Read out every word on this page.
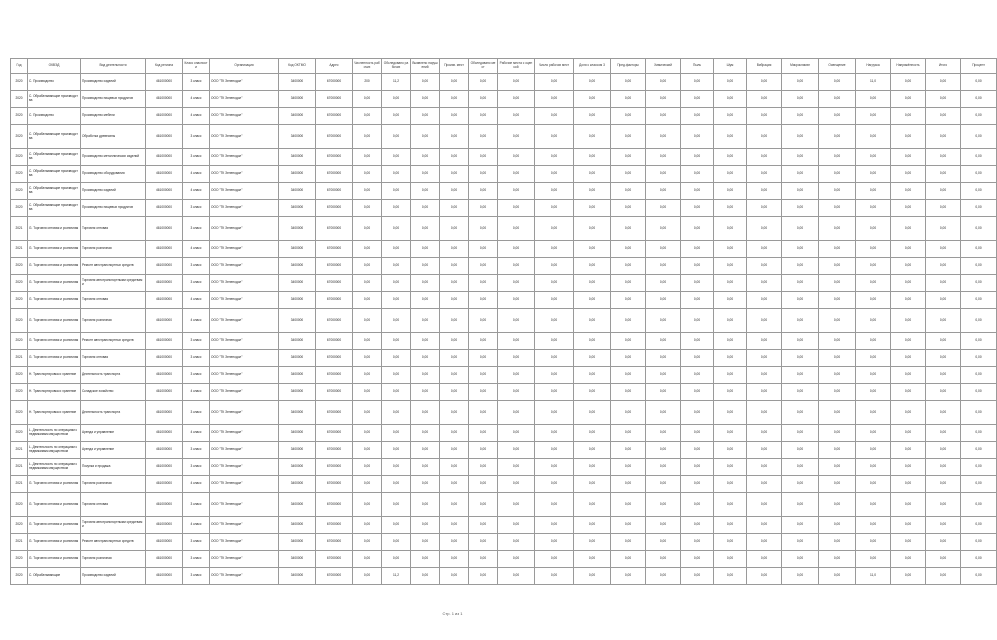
Год	ОКВЭД	Вид деятельности	Код региона	Класс опасности	Организация	Код ОКТМО	Адрес	Численность рабочих	Обследовано рабочих	Выявлено нарушений	Произв. мест	Обследовано мест	Рабочие места с оценкой	Число рабочих мест	Доля с классом 3	Пред.факторы	Химический	Пыль	Шум	Вибрация	Микроклимат	Освещение	Нагрузка	Напряжённость	Итого	Процент
2020	С. Производство	Производство изделий	461000000	3 класс	ООО "ТК Зеленодол"	3400000	67000000	200	11,2	0,00	0,00	0,00	0,00	0,00	0,00	0,00	0,00	0,00	0,00	0,00	0,00	0,00	11,0	0,00	0,00	0,00
2020	С. Обрабатывающие производства	Производство пищевых продуктов	461000000	4 класс	ООО "ТК Зеленодол"	3400000	67000000	0,00	0,00	0,00	0,00	0,00	0,00	0,00	0,00	0,00	0,00	0,00	0,00	0,00	0,00	0,00	0,00	0,00	0,00	0,00
2020	С. Производство	Производство мебели	461000000	4 класс	ООО "ТК Зеленодол"	3400000	67000000	0,00	0,00	0,00	0,00	0,00	0,00	0,00	0,00	0,00	0,00	0,00	0,00	0,00	0,00	0,00	0,00	0,00	0,00	0,00
2020	С. Обрабатывающие производства	Обработка древесины	461000000	3 класс	ООО "ТК Зеленодол"	3400000	67000000	0,00	0,00	0,00	0,00	0,00	0,00	0,00	0,00	0,00	0,00	0,00	0,00	0,00	0,00	0,00	0,00	0,00	0,00	0,00
2020	С. Обрабатывающие производства	Производство металлических изделий	461000000	3 класс	ООО "ТК Зеленодол"	3400000	67000000	0,00	0,00	0,00	0,00	0,00	0,00	0,00	0,00	0,00	0,00	0,00	0,00	0,00	0,00	0,00	0,00	0,00	0,00	0,00
2020	С. Обрабатывающие производства	Производство оборудования	461000000	4 класс	ООО "ТК Зеленодол"	3400000	67000000	0,00	0,00	0,00	0,00	0,00	0,00	0,00	0,00	0,00	0,00	0,00	0,00	0,00	0,00	0,00	0,00	0,00	0,00	0,00
2020	С. Обрабатывающие производства	Производство изделий	461000000	4 класс	ООО "ТК Зеленодол"	3400000	67000000	0,00	0,00	0,00	0,00	0,00	0,00	0,00	0,00	0,00	0,00	0,00	0,00	0,00	0,00	0,00	0,00	0,00	0,00	0,00
2020	С. Обрабатывающие производства	Производство пищевых продуктов	461000000	3 класс	ООО "ТК Зеленодол"	3400000	67000000	0,00	0,00	0,00	0,00	0,00	0,00	0,00	0,00	0,00	0,00	0,00	0,00	0,00	0,00	0,00	0,00	0,00	0,00	0,00
2021	G. Торговля оптовая и розничная	Торговля оптовая	461000000	3 класс	ООО "ТК Зеленодол"	3400000	67000000	0,00	0,00	0,00	0,00	0,00	0,00	0,00	0,00	0,00	0,00	0,00	0,00	0,00	0,00	0,00	0,00	0,00	0,00	0,00
2021	G. Торговля оптовая и розничная	Торговля розничная	461000000	4 класс	ООО "ТК Зеленодол"	3400000	67000000	0,00	0,00	0,00	0,00	0,00	0,00	0,00	0,00	0,00	0,00	0,00	0,00	0,00	0,00	0,00	0,00	0,00	0,00	0,00
2020	G. Торговля оптовая и розничная	Ремонт автотранспортных средств	461000000	3 класс	ООО "ТК Зеленодол"	3400000	67000000	0,00	0,00	0,00	0,00	0,00	0,00	0,00	0,00	0,00	0,00	0,00	0,00	0,00	0,00	0,00	0,00	0,00	0,00	0,00
2020	G. Торговля оптовая и розничная	Торговля автотранспортными средствами	461000000	3 класс	ООО "ТК Зеленодол"	3400000	67000000	0,00	0,00	0,00	0,00	0,00	0,00	0,00	0,00	0,00	0,00	0,00	0,00	0,00	0,00	0,00	0,00	0,00	0,00	0,00
2020	G. Торговля оптовая и розничная	Торговля оптовая	461000000	4 класс	ООО "ТК Зеленодол"	3400000	67000000	0,00	0,00	0,00	0,00	0,00	0,00	0,00	0,00	0,00	0,00	0,00	0,00	0,00	0,00	0,00	0,00	0,00	0,00	0,00
2020	G. Торговля оптовая и розничная	Торговля розничная	461000000	4 класс	ООО "ТК Зеленодол"	3400000	67000000	0,00	0,00	0,00	0,00	0,00	0,00	0,00	0,00	0,00	0,00	0,00	0,00	0,00	0,00	0,00	0,00	0,00	0,00	0,00
2020	G. Торговля оптовая и розничная	Ремонт автотранспортных средств	461000000	3 класс	ООО "ТК Зеленодол"	3400000	67000000	0,00	0,00	0,00	0,00	0,00	0,00	0,00	0,00	0,00	0,00	0,00	0,00	0,00	0,00	0,00	0,00	0,00	0,00	0,00
2021	G. Торговля оптовая и розничная	Торговля оптовая	461000000	3 класс	ООО "ТК Зеленодол"	3400000	67000000	0,00	0,00	0,00	0,00	0,00	0,00	0,00	0,00	0,00	0,00	0,00	0,00	0,00	0,00	0,00	0,00	0,00	0,00	0,00
2020	H. Транспортировка и хранение	Деятельность транспорта	461000000	3 класс	ООО "ТК Зеленодол"	3400000	67000000	0,00	0,00	0,00	0,00	0,00	0,00	0,00	0,00	0,00	0,00	0,00	0,00	0,00	0,00	0,00	0,00	0,00	0,00	0,00
2020	H. Транспортировка и хранение	Складское хозяйство	461000000	4 класс	ООО "ТК Зеленодол"	3400000	67000000	0,00	0,00	0,00	0,00	0,00	0,00	0,00	0,00	0,00	0,00	0,00	0,00	0,00	0,00	0,00	0,00	0,00	0,00	0,00
2020	H. Транспортировка и хранение	Деятельность транспорта	461000000	3 класс	ООО "ТК Зеленодол"	3400000	67000000	0,00	0,00	0,00	0,00	0,00	0,00	0,00	0,00	0,00	0,00	0,00	0,00	0,00	0,00	0,00	0,00	0,00	0,00	0,00
2020	L. Деятельность по операциям с недвижимым имуществом	Аренда и управление	461000000	4 класс	ООО "ТК Зеленодол"	3400000	67000000	0,00	0,00	0,00	0,00	0,00	0,00	0,00	0,00	0,00	0,00	0,00	0,00	0,00	0,00	0,00	0,00	0,00	0,00	0,00
2021	L. Деятельность по операциям с недвижимым имуществом	Аренда и управление	461000000	3 класс	ООО "ТК Зеленодол"	3400000	67000000	0,00	0,00	0,00	0,00	0,00	0,00	0,00	0,00	0,00	0,00	0,00	0,00	0,00	0,00	0,00	0,00	0,00	0,00	0,00
2021	L. Деятельность по операциям с недвижимым имуществом	Покупка и продажа	461000000	3 класс	ООО "ТК Зеленодол"	3400000	67000000	0,00	0,00	0,00	0,00	0,00	0,00	0,00	0,00	0,00	0,00	0,00	0,00	0,00	0,00	0,00	0,00	0,00	0,00	0,00
2021	G. Торговля оптовая и розничная	Торговля розничная	461000000	4 класс	ООО "ТК Зеленодол"	3400000	67000000	0,00	0,00	0,00	0,00	0,00	0,00	0,00	0,00	0,00	0,00	0,00	0,00	0,00	0,00	0,00	0,00	0,00	0,00	0,00
2020	G. Торговля оптовая и розничная	Торговля оптовая	461000000	3 класс	ООО "ТК Зеленодол"	3400000	67000000	0,00	0,00	0,00	0,00	0,00	0,00	0,00	0,00	0,00	0,00	0,00	0,00	0,00	0,00	0,00	0,00	0,00	0,00	0,00
2020	G. Торговля оптовая и розничная	Торговля автотранспортными средствами	461000000	4 класс	ООО "ТК Зеленодол"	3400000	67000000	0,00	0,00	0,00	0,00	0,00	0,00	0,00	0,00	0,00	0,00	0,00	0,00	0,00	0,00	0,00	0,00	0,00	0,00	0,00
2021	G. Торговля оптовая и розничная	Ремонт автотранспортных средств	461000000	3 класс	ООО "ТК Зеленодол"	3400000	67000000	0,00	0,00	0,00	0,00	0,00	0,00	0,00	0,00	0,00	0,00	0,00	0,00	0,00	0,00	0,00	0,00	0,00	0,00	0,00
2020	G. Торговля оптовая и розничная	Торговля розничная	461000000	3 класс	ООО "ТК Зеленодол"	3400000	67000000	0,00	0,00	0,00	0,00	0,00	0,00	0,00	0,00	0,00	0,00	0,00	0,00	0,00	0,00	0,00	0,00	0,00	0,00	0,00
2020	С. Обрабатывающие	Производство изделий	461000000	3 класс	ООО "ТК Зеленодол"	3400000	67000000	0,00	11,2	0,00	0,00	0,00	0,00	0,00	0,00	0,00	0,00	0,00	0,00	0,00	0,00	0,00	11,0	0,00	0,00	0,00
Стр. 1 из 1
